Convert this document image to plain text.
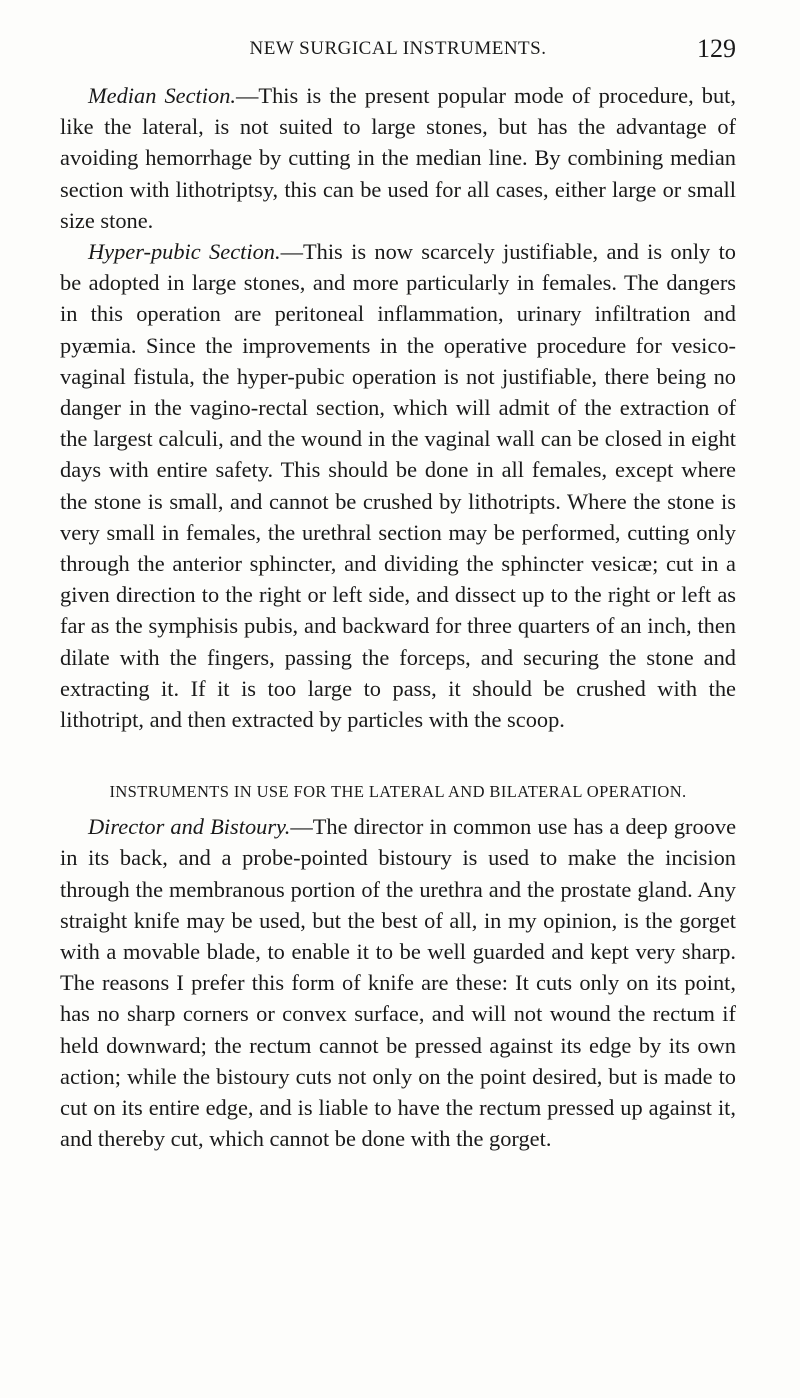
NEW SURGICAL INSTRUMENTS.	129

Median Section.—This is the present popular mode of procedure, but, like the lateral, is not suited to large stones, but has the advantage of avoiding hemorrhage by cutting in the median line. By combining median section with lithotriptsy, this can be used for all cases, either large or small size stone.

Hyper-pubic Section.—This is now scarcely justifiable, and is only to be adopted in large stones, and more particularly in females. The dangers in this operation are peritoneal inflammation, urinary infiltration and pyæmia. Since the improvements in the operative procedure for vesico-vaginal fistula, the hyper-pubic operation is not justifiable, there being no danger in the vagino-rectal section, which will admit of the extraction of the largest calculi, and the wound in the vaginal wall can be closed in eight days with entire safety. This should be done in all females, except where the stone is small, and cannot be crushed by lithotripts. Where the stone is very small in females, the urethral section may be performed, cutting only through the anterior sphincter, and dividing the sphincter vesicæ; cut in a given direction to the right or left side, and dissect up to the right or left as far as the symphisis pubis, and backward for three quarters of an inch, then dilate with the fingers, passing the forceps, and securing the stone and extracting it. If it is too large to pass, it should be crushed with the lithotript, and then extracted by particles with the scoop.

INSTRUMENTS IN USE FOR THE LATERAL AND BILATERAL OPERATION.

Director and Bistoury.—The director in common use has a deep groove in its back, and a probe-pointed bistoury is used to make the incision through the membranous portion of the urethra and the prostate gland. Any straight knife may be used, but the best of all, in my opinion, is the gorget with a movable blade, to enable it to be well guarded and kept very sharp. The reasons I prefer this form of knife are these: It cuts only on its point, has no sharp corners or convex surface, and will not wound the rectum if held downward; the rectum cannot be pressed against its edge by its own action; while the bistoury cuts not only on the point desired, but is made to cut on its entire edge, and is liable to have the rectum pressed up against it, and thereby cut, which cannot be done with the gorget.
